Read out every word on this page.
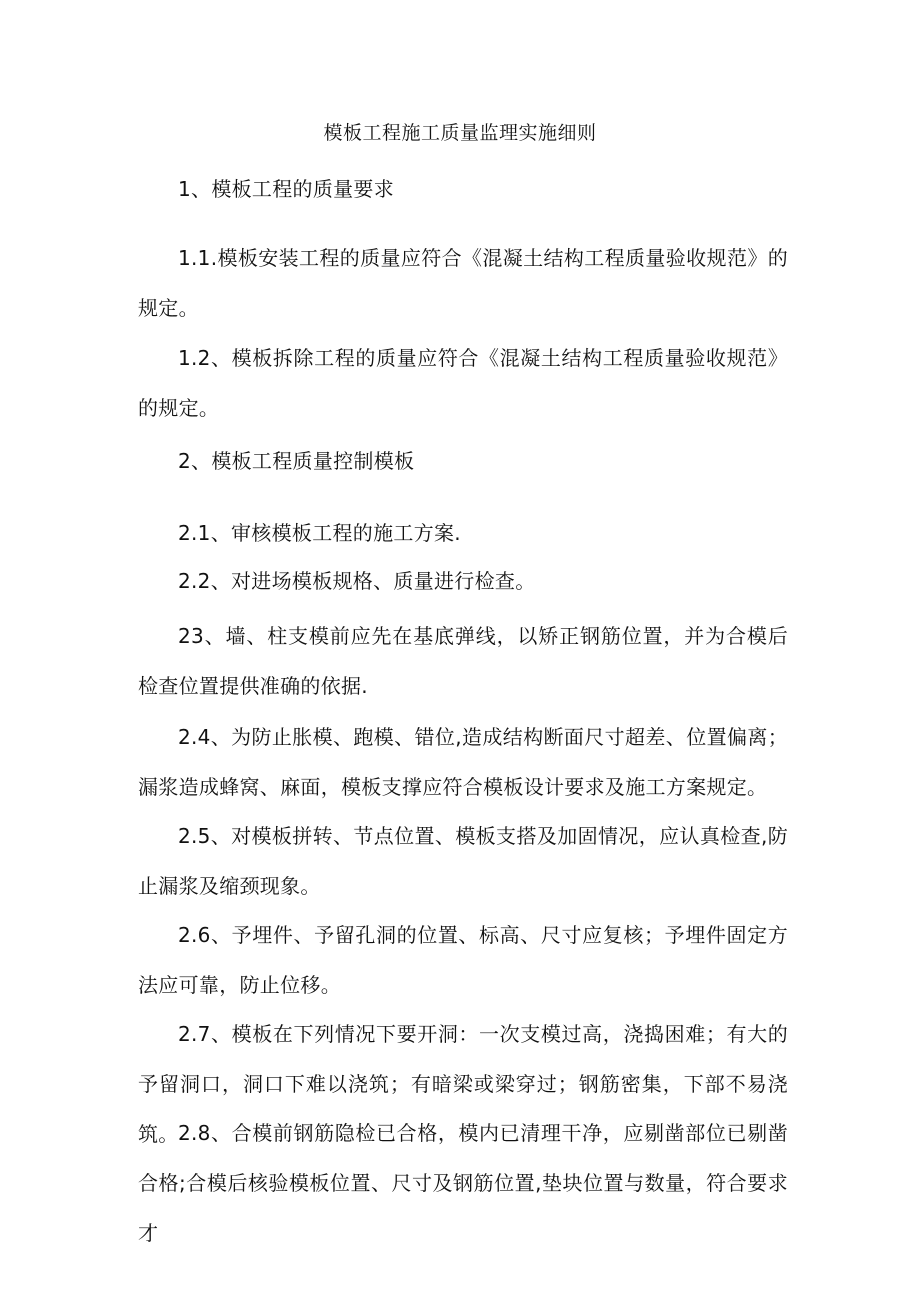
模板工程施工质量监理实施细则
1、模板工程的质量要求
1.1.模板安装工程的质量应符合《混凝土结构工程质量验收规范》的规定。
1.2、模板拆除工程的质量应符合《混凝土结构工程质量验收规范》的规定。
2、模板工程质量控制模板
2.1、审核模板工程的施工方案.
2.2、对进场模板规格、质量进行检查。
23、墙、柱支模前应先在基底弹线，以矫正钢筋位置，并为合模后检查位置提供准确的依据.
2.4、为防止胀模、跑模、错位,造成结构断面尺寸超差、位置偏离；漏浆造成蜂窝、麻面，模板支撑应符合模板设计要求及施工方案规定。
2.5、对模板拼转、节点位置、模板支搭及加固情况，应认真检查,防止漏浆及缩颈现象。
2.6、予埋件、予留孔洞的位置、标高、尺寸应复核；予埋件固定方法应可靠，防止位移。
2.7、模板在下列情况下要开洞：一次支模过高，浇捣困难；有大的予留洞口，洞口下难以浇筑；有暗梁或梁穿过；钢筋密集，下部不易浇筑。 2.8、合模前钢筋隐检已合格，模内已清理干净，应剔凿部位已剔凿合格;合模后核验模板位置、尺寸及钢筋位置,垫块位置与数量，符合要求才
